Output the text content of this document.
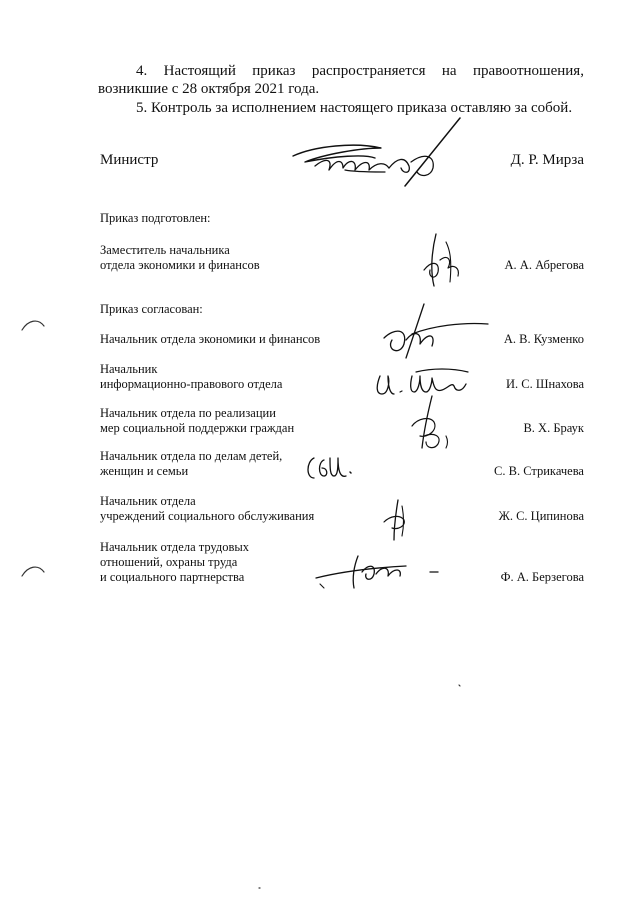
4. Настоящий приказ распространяется на правоотношения,
возникшие с 28 октября 2021 года.
5. Контроль за исполнением настоящего приказа оставляю за собой.
Министр	Д. Р. Мирза
Приказ подготовлен:
Заместитель начальника
отдела экономики и финансов	А. А. Абрегова
Приказ согласован:
Начальник отдела экономики и финансов	А. В. Кузменко
Начальник
информационно-правового отдела	И. С. Шнахова
Начальник отдела по реализации
мер социальной поддержки граждан	В. Х. Браук
Начальник отдела по делам детей,
женщин и семьи	С. В. Стрикачева
Начальник отдела
учреждений социального обслуживания	Ж. С. Ципинова
Начальник отдела трудовых
отношений, охраны труда
и социального партнерства	Ф. А. Берзегова
